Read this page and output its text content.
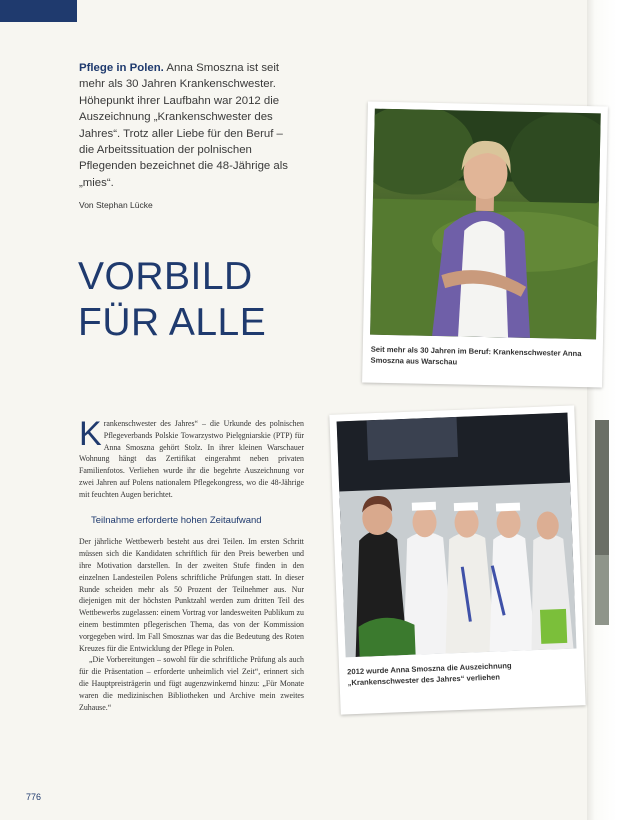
Pflege in Polen. Anna Smoszna ist seit mehr als 30 Jahren Krankenschwester. Höhepunkt ihrer Laufbahn war 2012 die Auszeichnung „Krankenschwester des Jahres“. Trotz aller Liebe für den Beruf – die Arbeitssituation der polnischen Pflegenden bezeichnet die 48-Jährige als „mies“.
Von Stephan Lücke
VORBILD
FÜR ALLE
Seit mehr als 30 Jahren im Beruf: Krankenschwester Anna Smoszna aus Warschau
2012 wurde Anna Smoszna die Auszeichnung „Krankenschwester des Jahres“ verliehen

Krankenschwester des Jahres“ – die Urkunde des polnischen Pflegeverbands Polskie Towarzystwo Pielęgniarskie (PTP) für Anna Smoszna gehört Stolz. In ihrer kleinen Warschauer Wohnung hängt das Zertifikat eingerahmt neben privaten Familienfotos. Verliehen wurde ihr die begehrte Auszeichnung vor zwei Jahren auf Polens nationalem Pflegekongress, wo die 48-Jährige mit feuchten Augen berichtet.

Teilnahme erforderte hohen Zeitaufwand

Der jährliche Wettbewerb besteht aus drei Teilen. Im ersten Schritt müssen sich die Kandidaten schriftlich für den Preis bewerben und ihre Motivation darstellen. In der zweiten Stufe finden in den einzelnen Landesteilen Polens schriftliche Prüfungen statt. In dieser Runde scheiden mehr als 50 Prozent der Teilnehmer aus. Nur diejenigen mit der höchsten Punktzahl werden zum dritten Teil des Wettbewerbs zugelassen: einem Vortrag vor landesweiten Publikum zu einem bestimmten pflegerischen Thema, das von der Kommission vorgegeben wird. Im Fall Smosznas war das die Bedeutung des Roten Kreuzes für die Entwicklung der Pflege in Polen.

„Die Vorbereitungen – sowohl für die schriftliche Prüfung als auch für die Präsentation – erforderte unheimlich viel Zeit“, erinnert sich die Hauptpreisträgerin und fügt augenzwinkernd hinzu: „Für Monate waren die medizinischen Bibliotheken und Archive mein zweites Zuhause.“

776
